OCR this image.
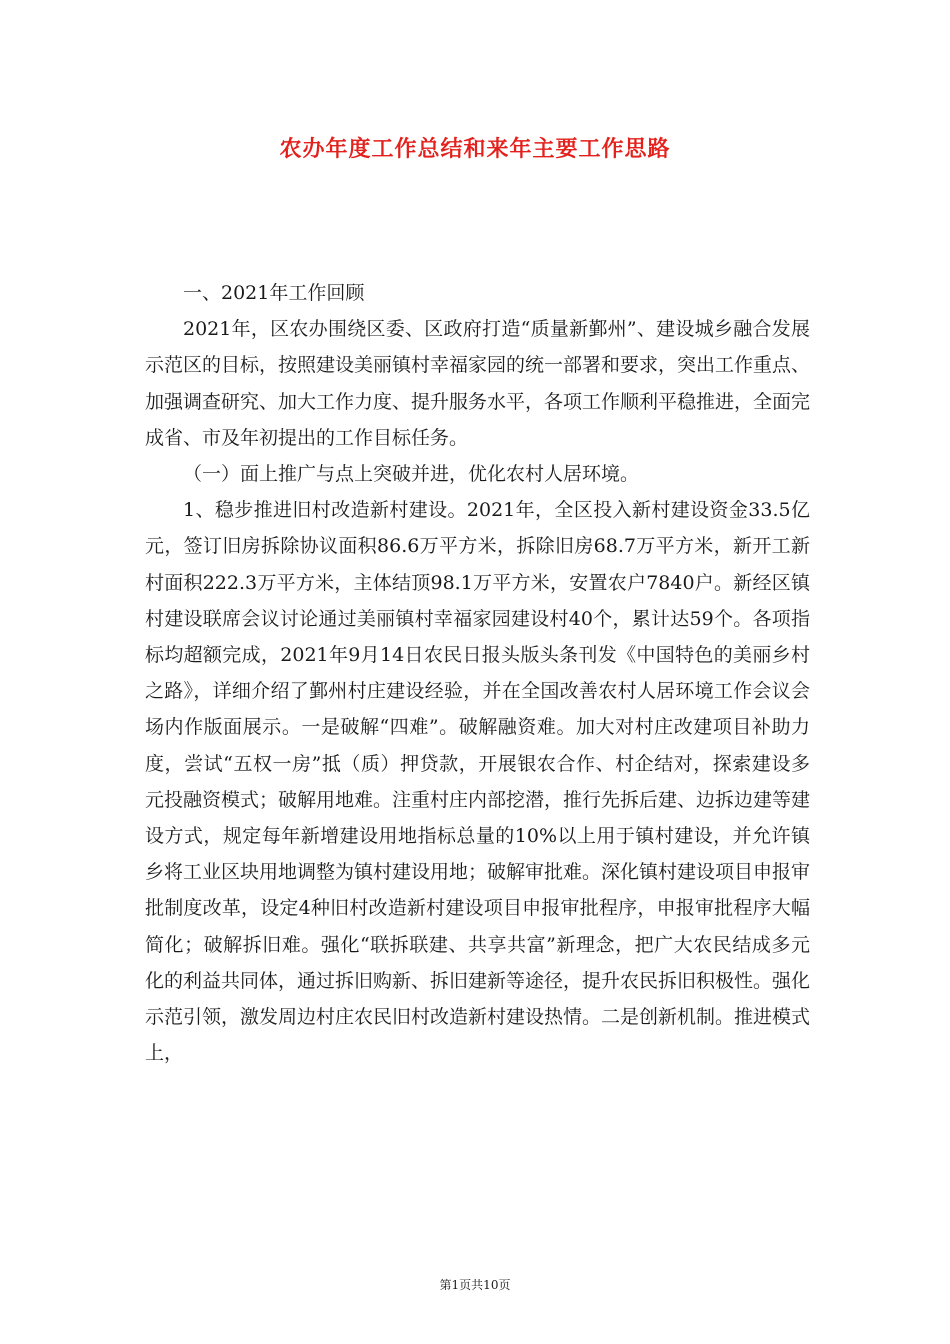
农办年度工作总结和来年主要工作思路

一、2021年工作回顾

2021年，区农办围绕区委、区政府打造“质量新鄞州”、建设城乡融合发展示范区的目标，按照建设美丽镇村幸福家园的统一部署和要求，突出工作重点、加强调查研究、加大工作力度、提升服务水平，各项工作顺利平稳推进，全面完成省、市及年初提出的工作目标任务。

（一）面上推广与点上突破并进，优化农村人居环境。

1、稳步推进旧村改造新村建设。2021年，全区投入新村建设资金33.5亿元，签订旧房拆除协议面积86.6万平方米，拆除旧房68.7万平方米，新开工新村面积222.3万平方米，主体结顶98.1万平方米，安置农户7840户。新经区镇村建设联席会议讨论通过美丽镇村幸福家园建设村40个，累计达59个。各项指标均超额完成，2021年9月14日农民日报头版头条刊发《中国特色的美丽乡村之路》，详细介绍了鄞州村庄建设经验，并在全国改善农村人居环境工作会议会场内作版面展示。一是破解“四难”。破解融资难。加大对村庄改建项目补助力度，尝试“五权一房”抵（质）押贷款，开展银农合作、村企结对，探索建设多元投融资模式；破解用地难。注重村庄内部挖潜，推行先拆后建、边拆边建等建设方式，规定每年新增建设用地指标总量的10%以上用于镇村建设，并允许镇乡将工业区块用地调整为镇村建设用地；破解审批难。深化镇村建设项目申报审批制度改革，设定4种旧村改造新村建设项目申报审批程序，申报审批程序大幅简化；破解拆旧难。强化“联拆联建、共享共富”新理念，把广大农民结成多元化的利益共同体，通过拆旧购新、拆旧建新等途径，提升农民拆旧积极性。强化示范引领，激发周边村庄农民旧村改造新村建设热情。二是创新机制。推进模式上，

第1页共10页
